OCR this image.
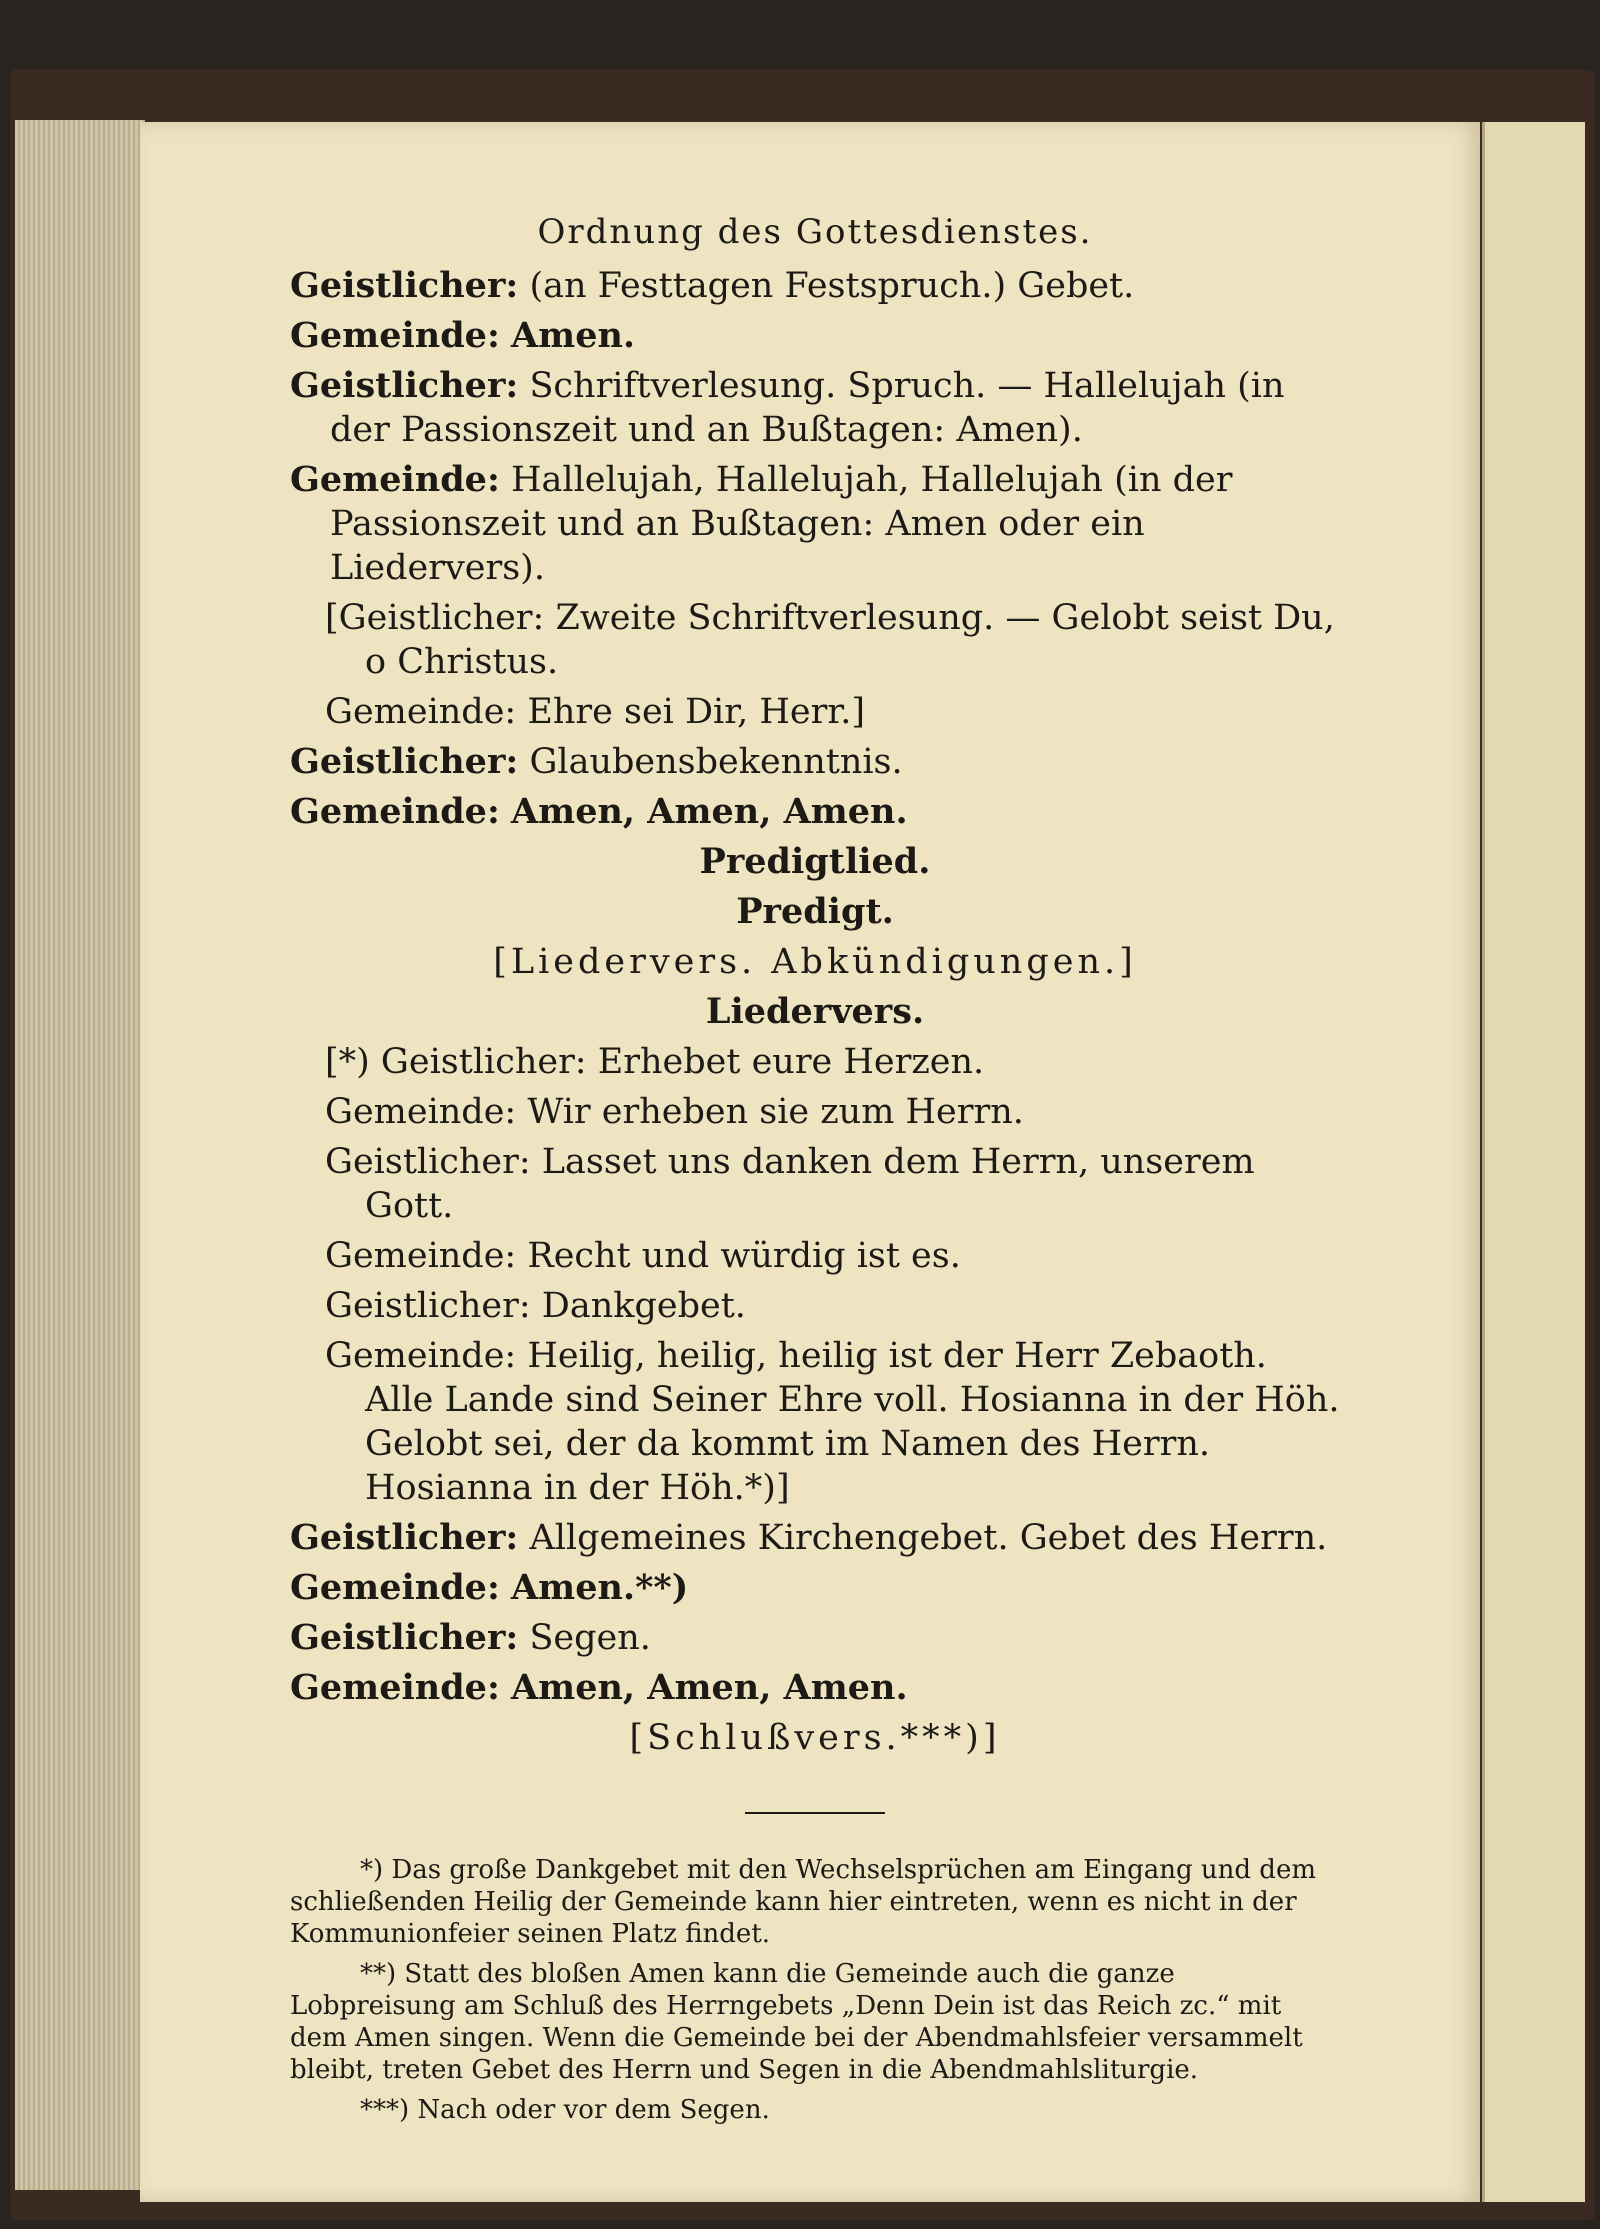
Ordnung des Gottesdienstes.

Geistlicher: (an Festtagen Festspruch.) Gebet.

Gemeinde: Amen.

Geistlicher: Schriftverlesung. Spruch. — Hallelujah (in der Passionszeit und an Bußtagen: Amen).

Gemeinde: Hallelujah, Hallelujah, Hallelujah (in der Passionszeit und an Bußtagen: Amen oder ein Liedervers).

[Geistlicher: Zweite Schriftverlesung. — Gelobt seist Du, o Christus.

Gemeinde: Ehre sei Dir, Herr.]

Geistlicher: Glaubensbekenntnis.

Gemeinde: Amen, Amen, Amen.

Predigtlied.

Predigt.

[Liedervers. Abkündigungen.]

Liedervers.

[*) Geistlicher: Erhebet eure Herzen.

Gemeinde: Wir erheben sie zum Herrn.

Geistlicher: Lasset uns danken dem Herrn, unserem Gott.

Gemeinde: Recht und würdig ist es.

Geistlicher: Dankgebet.

Gemeinde: Heilig, heilig, heilig ist der Herr Zebaoth. Alle Lande sind Seiner Ehre voll. Hosianna in der Höh. Gelobt sei, der da kommt im Namen des Herrn. Hosianna in der Höh.*)]

Geistlicher: Allgemeines Kirchengebet. Gebet des Herrn.

Gemeinde: Amen.**)

Geistlicher: Segen.

Gemeinde: Amen, Amen, Amen.

[Schlußvers.***)]

*) Das große Dankgebet mit den Wechselsprüchen am Eingang und dem schließenden Heilig der Gemeinde kann hier eintreten, wenn es nicht in der Kommunionfeier seinen Platz findet.

**) Statt des bloßen Amen kann die Gemeinde auch die ganze Lobpreisung am Schluß des Herrngebets „Denn Dein ist das Reich zc.“ mit dem Amen singen. Wenn die Gemeinde bei der Abendmahlsfeier versammelt bleibt, treten Gebet des Herrn und Segen in die Abendmahlsliturgie.

***) Nach oder vor dem Segen.
